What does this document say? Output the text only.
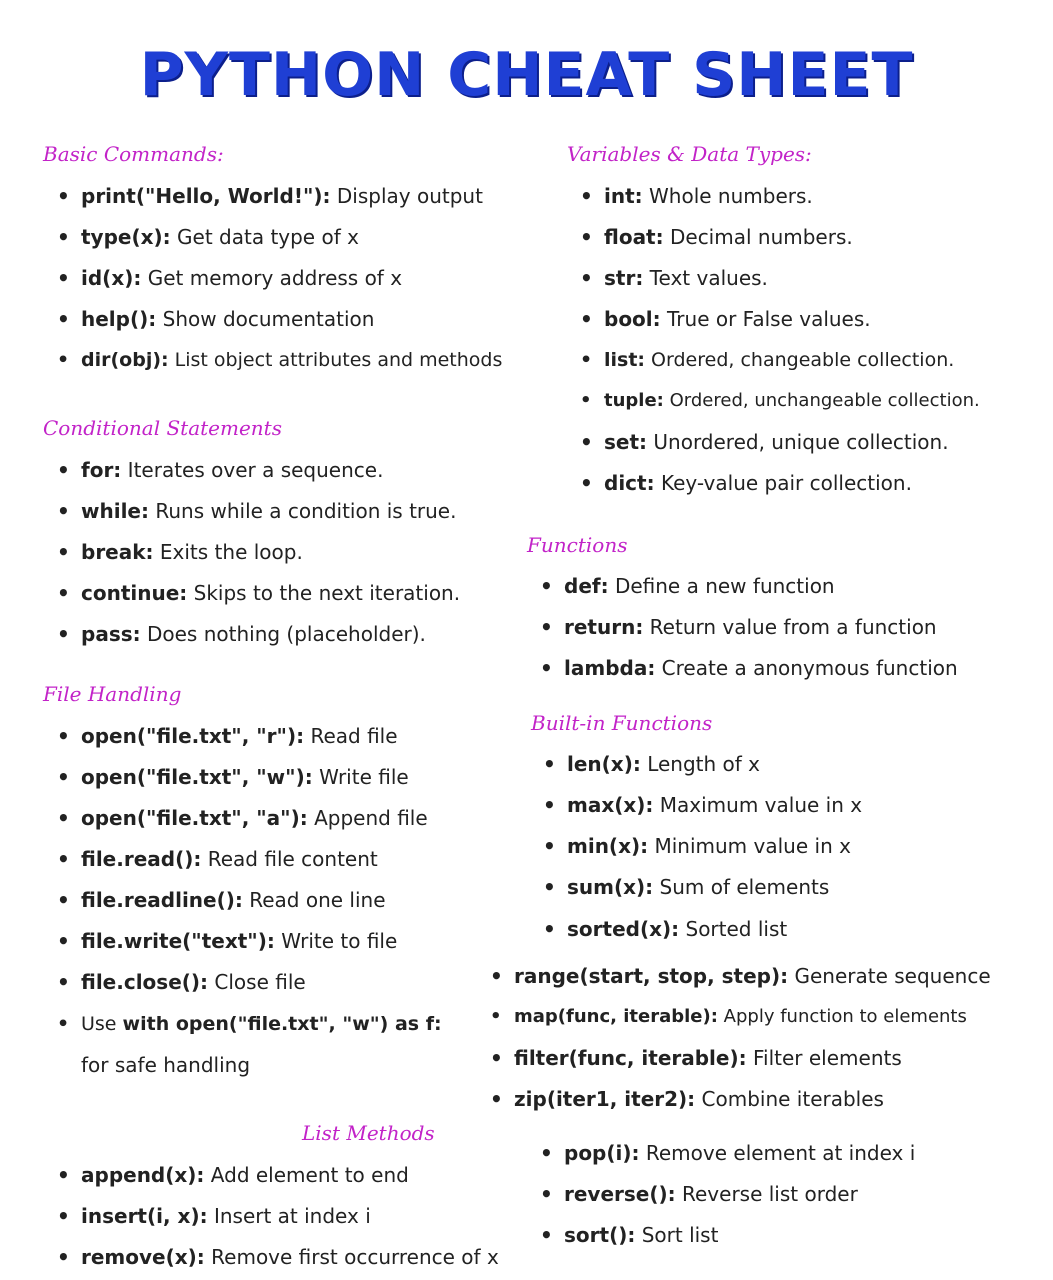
PYTHON CHEAT SHEET
Basic Commands:
• print("Hello, World!"): Display output
• type(x): Get data type of x
• id(x): Get memory address of x
• help(): Show documentation
• dir(obj): List object attributes and methods
Conditional Statements
• for: Iterates over a sequence.
• while: Runs while a condition is true.
• break: Exits the loop.
• continue: Skips to the next iteration.
• pass: Does nothing (placeholder).
File Handling
• open("file.txt", "r"): Read file
• open("file.txt", "w"): Write file
• open("file.txt", "a"): Append file
• file.read(): Read file content
• file.readline(): Read one line
• file.write("text"): Write to file
• file.close(): Close file
• Use with open("file.txt", "w") as f:
for safe handling
List Methods
• append(x): Add element to end
• insert(i, x): Insert at index i
• remove(x): Remove first occurrence of x
• pop(i): Remove element at index i
• reverse(): Reverse list order
• sort(): Sort list
Variables & Data Types:
• int: Whole numbers.
• float: Decimal numbers.
• str: Text values.
• bool: True or False values.
• list: Ordered, changeable collection.
• tuple: Ordered, unchangeable collection.
• set: Unordered, unique collection.
• dict: Key-value pair collection.
Functions
• def: Define a new function
• return: Return value from a function
• lambda: Create a anonymous function
Built-in Functions
• len(x): Length of x
• max(x): Maximum value in x
• min(x): Minimum value in x
• sum(x): Sum of elements
• sorted(x): Sorted list
• range(start, stop, step): Generate sequence
• map(func, iterable): Apply function to elements
• filter(func, iterable): Filter elements
• zip(iter1, iter2): Combine iterables
